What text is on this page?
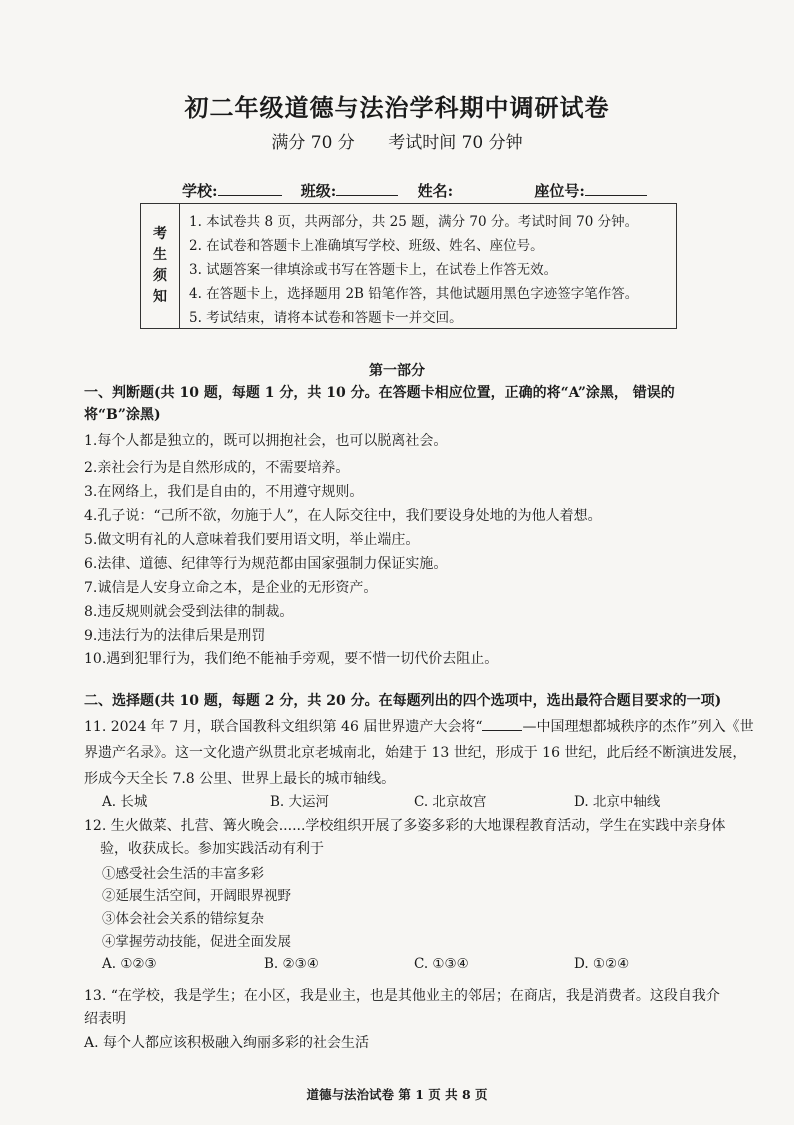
初二年级道德与法治学科期中调研试卷
满分 70 分 考试时间 70 分钟
学校:	班级:	姓名:	座位号:
考
生
须
知
1. 本试卷共 8 页，共两部分，共 25 题，满分 70 分。考试时间 70 分钟。
2. 在试卷和答题卡上准确填写学校、班级、姓名、座位号。
3. 试题答案一律填涂或书写在答题卡上，在试卷上作答无效。
4. 在答题卡上，选择题用 2B 铅笔作答，其他试题用黑色字迹签字笔作答。
5. 考试结束，请将本试卷和答题卡一并交回。
第一部分
一、判断题(共 10 题，每题 1 分，共 10 分。在答题卡相应位置，正确的将“A”涂黑， 错误的将“B”涂黑)
1.每个人都是独立的，既可以拥抱社会，也可以脱离社会。
2.亲社会行为是自然形成的，不需要培养。
3.在网络上，我们是自由的，不用遵守规则。
4.孔子说：“己所不欲，勿施于人”，在人际交往中，我们要设身处地的为他人着想。
5.做文明有礼的人意味着我们要用语文明，举止端庄。
6.法律、道德、纪律等行为规范都由国家强制力保证实施。
7.诚信是人安身立命之本，是企业的无形资产。
8.违反规则就会受到法律的制裁。
9.违法行为的法律后果是刑罚
10.遇到犯罪行为，我们绝不能袖手旁观，要不惜一切代价去阻止。
二、选择题(共 10 题，每题 2 分，共 20 分。在每题列出的四个选项中，选出最符合题目要求的一项)
11. 2024 年 7 月，联合国教科文组织第 46 届世界遗产大会将“	—中国理想都城秩序的杰作”列入《世
界遗产名录》。这一文化遗产纵贯北京老城南北，始建于 13 世纪，形成于 16 世纪，此后经不断演进发展，
形成今天全长 7.8 公里、世界上最长的城市轴线。
A. 长城	B. 大运河	C. 北京故宫	D. 北京中轴线
12. 生火做菜、扎营、篝火晚会......学校组织开展了多姿多彩的大地课程教育活动，学生在实践中亲身体
验，收获成长。参加实践活动有利于
①感受社会生活的丰富多彩
②延展生活空间，开阔眼界视野
③体会社会关系的错综复杂
④掌握劳动技能，促进全面发展
A. ①②③	B. ②③④	C. ①③④	D. ①②④
13. “在学校，我是学生；在小区，我是业主，也是其他业主的邻居；在商店，我是消费者。这段自我介
绍表明
A. 每个人都应该积极融入绚丽多彩的社会生活
道德与法治试卷 第 1 页 共 8 页
